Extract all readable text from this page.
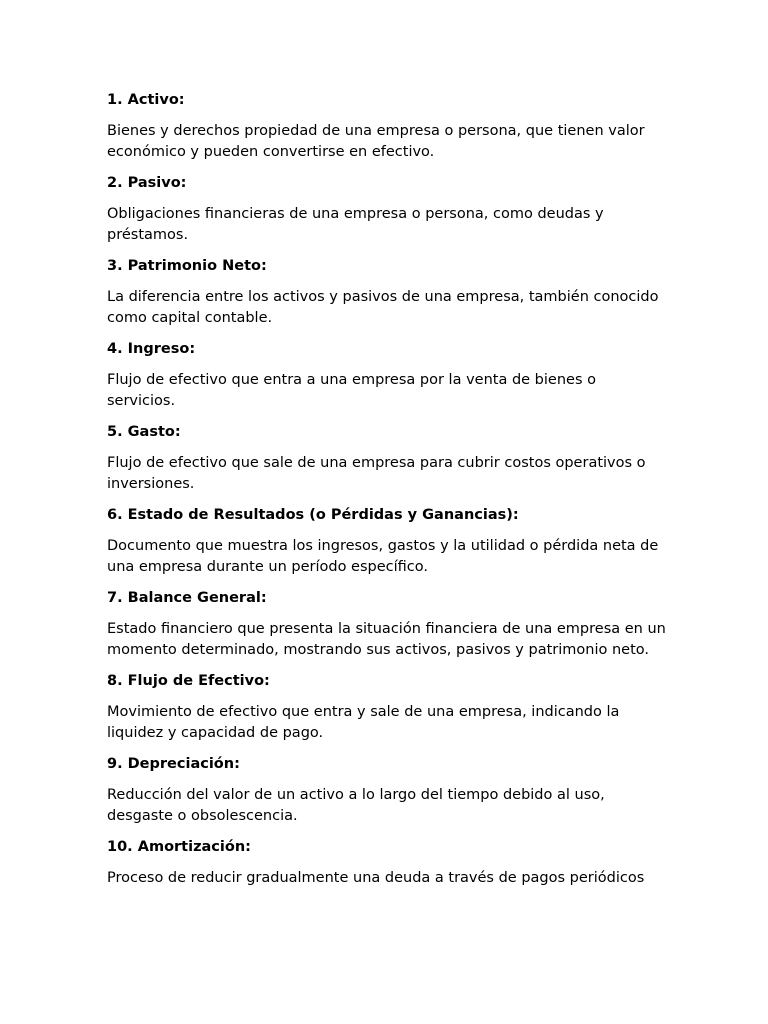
1. Activo:

Bienes y derechos propiedad de una empresa o persona, que tienen valor económico y pueden convertirse en efectivo.

2. Pasivo:

Obligaciones financieras de una empresa o persona, como deudas y préstamos.

3. Patrimonio Neto:

La diferencia entre los activos y pasivos de una empresa, también conocido como capital contable.

4. Ingreso:

Flujo de efectivo que entra a una empresa por la venta de bienes o servicios.

5. Gasto:

Flujo de efectivo que sale de una empresa para cubrir costos operativos o inversiones.

6. Estado de Resultados (o Pérdidas y Ganancias):

Documento que muestra los ingresos, gastos y la utilidad o pérdida neta de una empresa durante un período específico.

7. Balance General:

Estado financiero que presenta la situación financiera de una empresa en un momento determinado, mostrando sus activos, pasivos y patrimonio neto.

8. Flujo de Efectivo:

Movimiento de efectivo que entra y sale de una empresa, indicando la liquidez y capacidad de pago.

9. Depreciación:

Reducción del valor de un activo a lo largo del tiempo debido al uso, desgaste o obsolescencia.

10. Amortización:

Proceso de reducir gradualmente una deuda a través de pagos periódicos
